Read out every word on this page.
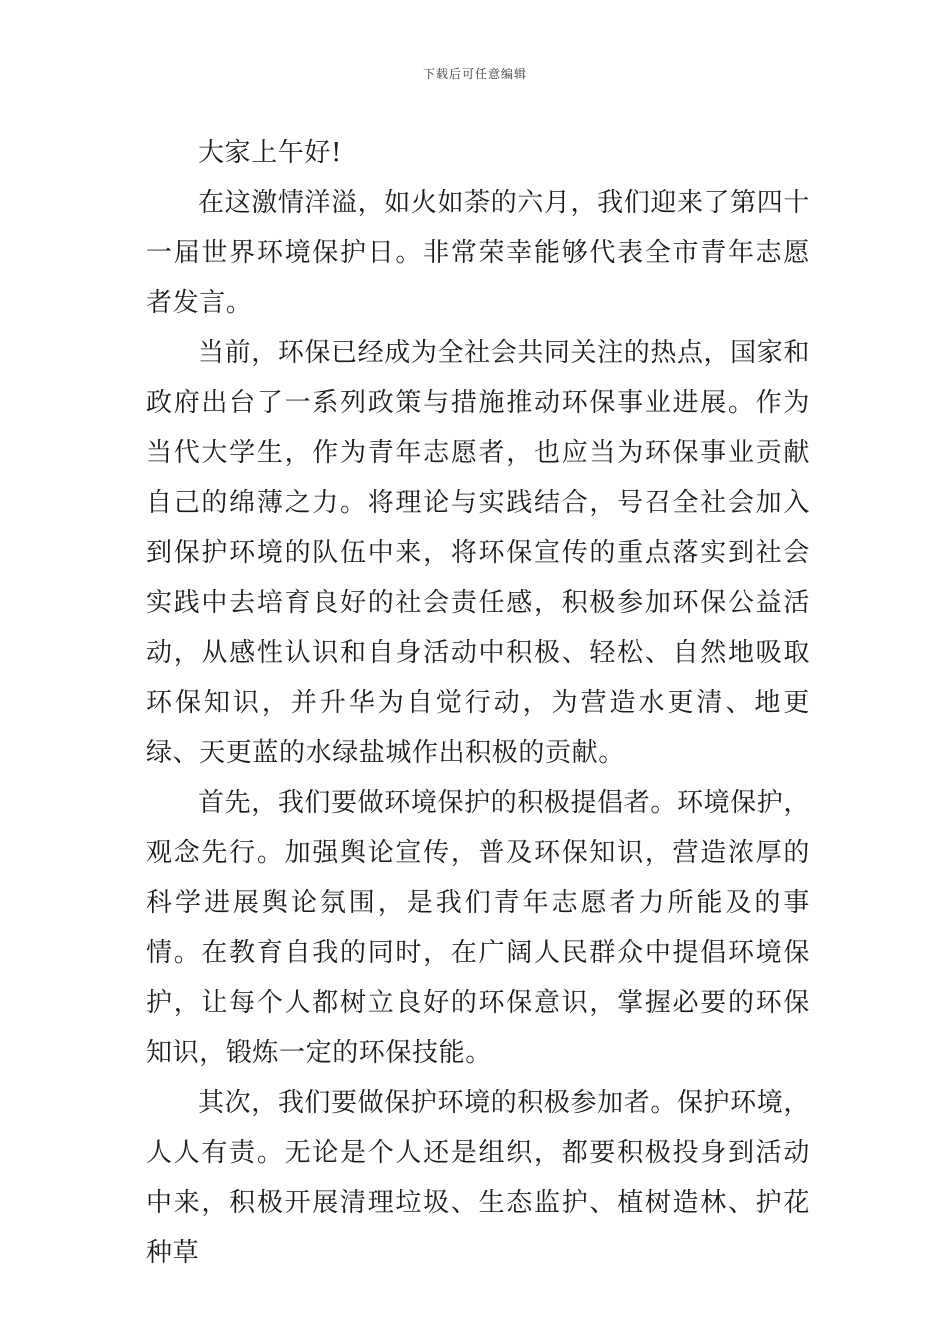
下载后可任意编辑

大家上午好!

在这激情洋溢，如火如荼的六月，我们迎来了第四十一届世界环境保护日。非常荣幸能够代表全市青年志愿者发言。

当前，环保已经成为全社会共同关注的热点，国家和政府出台了一系列政策与措施推动环保事业进展。作为当代大学生，作为青年志愿者，也应当为环保事业贡献自己的绵薄之力。将理论与实践结合，号召全社会加入到保护环境的队伍中来，将环保宣传的重点落实到社会实践中去培育良好的社会责任感，积极参加环保公益活动，从感性认识和自身活动中积极、轻松、自然地吸取环保知识，并升华为自觉行动，为营造水更清、地更绿、天更蓝的水绿盐城作出积极的贡献。

首先，我们要做环境保护的积极提倡者。环境保护，观念先行。加强舆论宣传，普及环保知识，营造浓厚的科学进展舆论氛围，是我们青年志愿者力所能及的事情。在教育自我的同时，在广阔人民群众中提倡环境保护，让每个人都树立良好的环保意识，掌握必要的环保知识，锻炼一定的环保技能。

其次，我们要做保护环境的积极参加者。保护环境，人人有责。无论是个人还是组织，都要积极投身到活动中来，积极开展清理垃圾、生态监护、植树造林、护花种草
